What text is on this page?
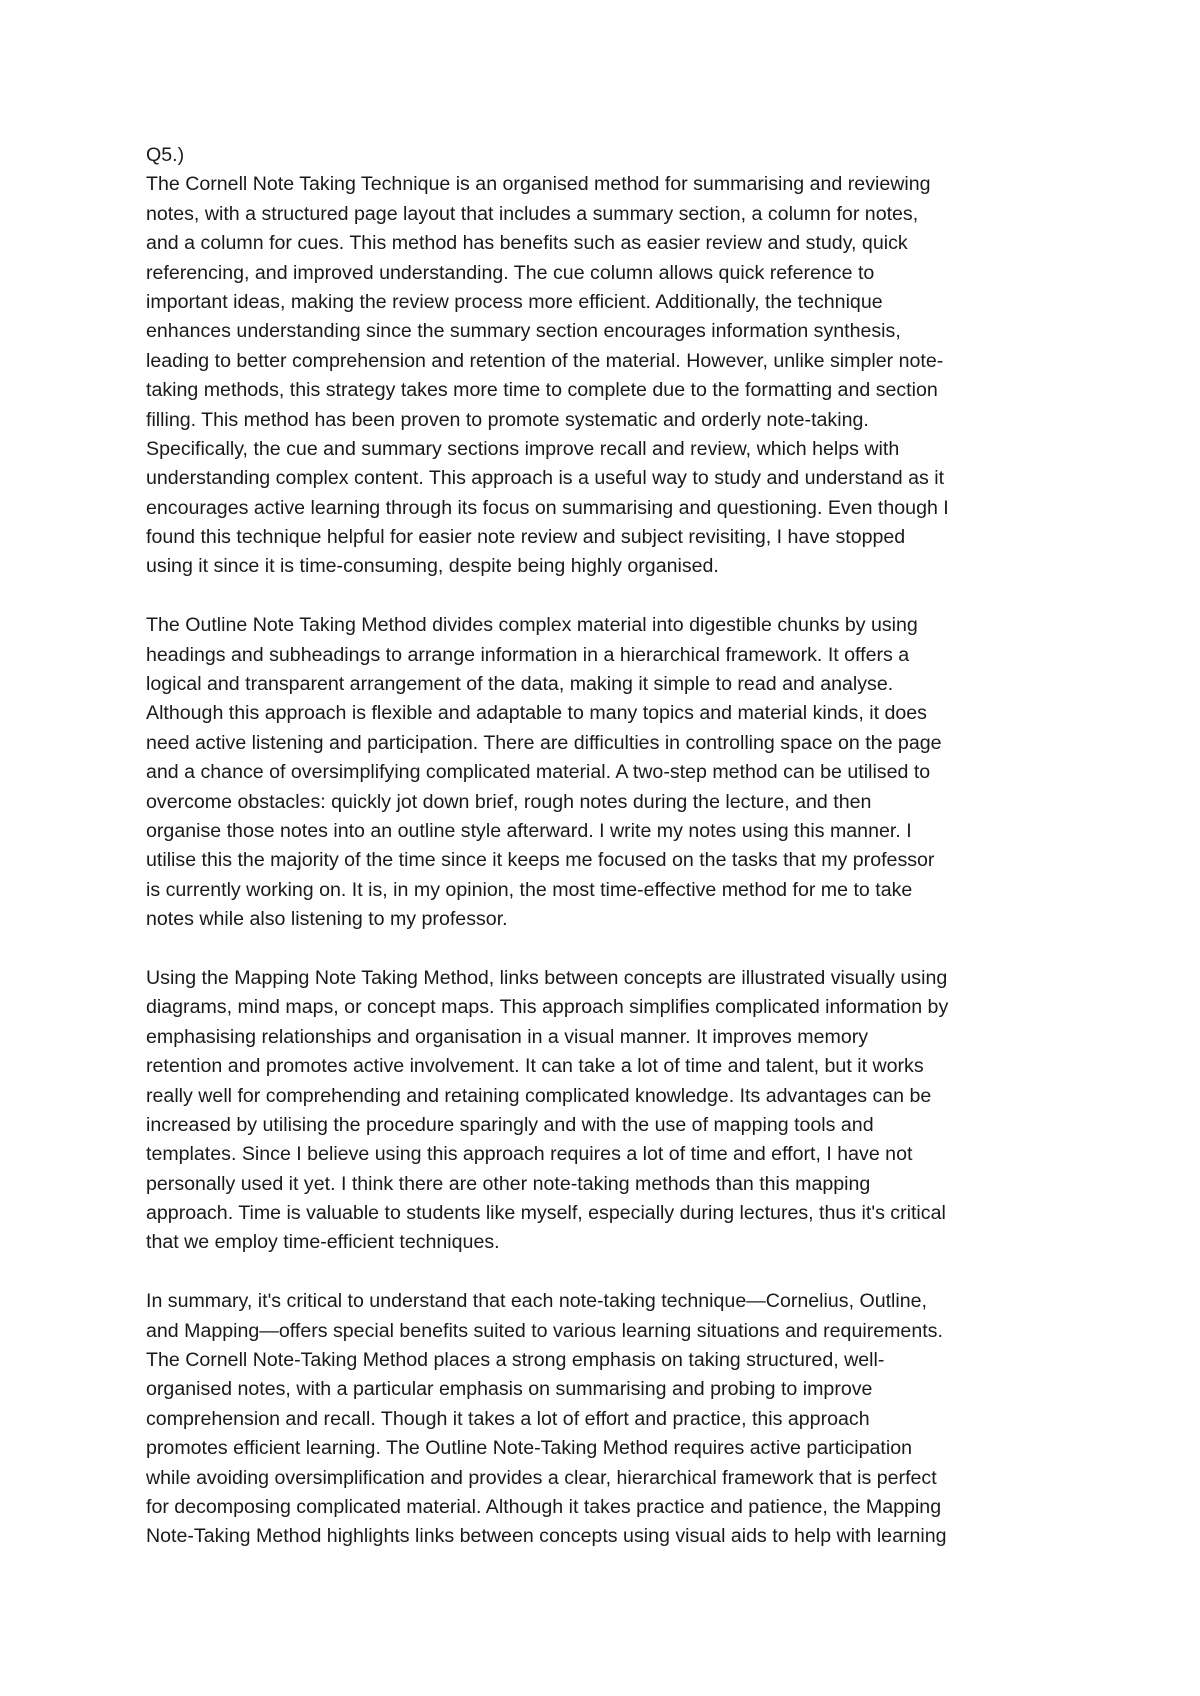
Q5.)
The Cornell Note Taking Technique is an organised method for summarising and reviewing
notes, with a structured page layout that includes a summary section, a column for notes,
and a column for cues. This method has benefits such as easier review and study, quick
referencing, and improved understanding. The cue column allows quick reference to
important ideas, making the review process more efficient. Additionally, the technique
enhances understanding since the summary section encourages information synthesis,
leading to better comprehension and retention of the material. However, unlike simpler note-
taking methods, this strategy takes more time to complete due to the formatting and section
filling. This method has been proven to promote systematic and orderly note-taking.
Specifically, the cue and summary sections improve recall and review, which helps with
understanding complex content. This approach is a useful way to study and understand as it
encourages active learning through its focus on summarising and questioning. Even though I
found this technique helpful for easier note review and subject revisiting, I have stopped
using it since it is time-consuming, despite being highly organised.
The Outline Note Taking Method divides complex material into digestible chunks by using
headings and subheadings to arrange information in a hierarchical framework. It offers a
logical and transparent arrangement of the data, making it simple to read and analyse.
Although this approach is flexible and adaptable to many topics and material kinds, it does
need active listening and participation. There are difficulties in controlling space on the page
and a chance of oversimplifying complicated material. A two-step method can be utilised to
overcome obstacles: quickly jot down brief, rough notes during the lecture, and then
organise those notes into an outline style afterward. I write my notes using this manner. I
utilise this the majority of the time since it keeps me focused on the tasks that my professor
is currently working on. It is, in my opinion, the most time-effective method for me to take
notes while also listening to my professor.
Using the Mapping Note Taking Method, links between concepts are illustrated visually using
diagrams, mind maps, or concept maps. This approach simplifies complicated information by
emphasising relationships and organisation in a visual manner. It improves memory
retention and promotes active involvement. It can take a lot of time and talent, but it works
really well for comprehending and retaining complicated knowledge. Its advantages can be
increased by utilising the procedure sparingly and with the use of mapping tools and
templates. Since I believe using this approach requires a lot of time and effort, I have not
personally used it yet. I think there are other note-taking methods than this mapping
approach. Time is valuable to students like myself, especially during lectures, thus it's critical
that we employ time-efficient techniques.
In summary, it's critical to understand that each note-taking technique—Cornelius, Outline,
and Mapping—offers special benefits suited to various learning situations and requirements.
The Cornell Note-Taking Method places a strong emphasis on taking structured, well-
organised notes, with a particular emphasis on summarising and probing to improve
comprehension and recall. Though it takes a lot of effort and practice, this approach
promotes efficient learning. The Outline Note-Taking Method requires active participation
while avoiding oversimplification and provides a clear, hierarchical framework that is perfect
for decomposing complicated material. Although it takes practice and patience, the Mapping
Note-Taking Method highlights links between concepts using visual aids to help with learning
